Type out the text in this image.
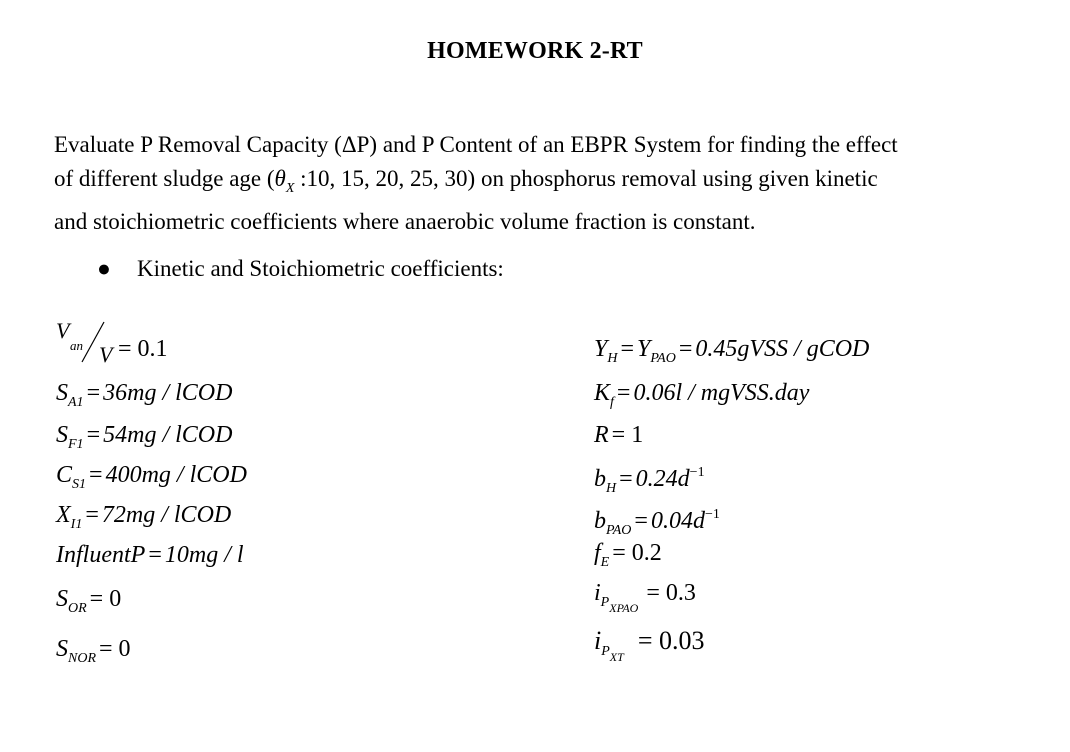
HOMEWORK 2-RT
Evaluate P Removal Capacity (ΔP) and P Content of an EBPR System for finding the effect
of different sludge age ($\theta_X$ :10, 15, 20, 25, 30) on phosphorus removal using given kinetic
and stoichiometric coefficients where anaerobic volume fraction is constant.
● Kinetic and Stoichiometric coefficients:
V
an V = 0.1
$S_{A1} = 36mg$ / lCOD
$S_{F1} = 54mg$ / lCOD
$C_{S1} = 400mg$ / lCOD
$X_{I1} = 72mg$ / lCOD
InfluentP = 10mg / l
$S_{OR} = 0$
$S_{NOR} = 0$
$Y_H = Y_{PAO}$ = 0.45gVSS / gCOD
$K_f = 0.06l$ / mgVSS.day
R = 1
$b_H = 0.24d^{-1}$
$b_{PAO} = 0.04d^{-1}$
$f_E = 0.2$
$i_{PXPAO}= 0.3$
$i_{PXT}= 0.03$
